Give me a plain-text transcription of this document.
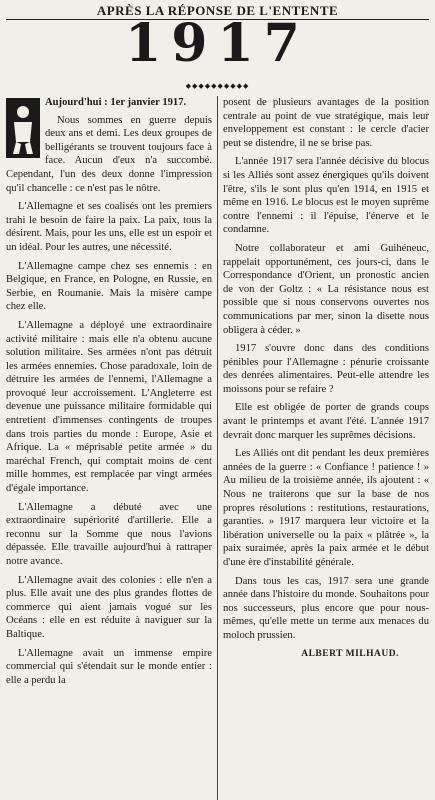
APRÈS LA RÉPONSE DE L'ENTENTE
1917
◆◆◆◆◆◆◆◆◆◆

Aujourd'hui : 1er janvier 1917.

Nous sommes en guerre depuis deux ans et demi. Les deux groupes de belligérants se trouvent toujours face à face. Aucun d'eux n'a succombé. Cependant, l'un des deux donne l'impression qu'il chancelle : ce n'est pas le nôtre.

L'Allemagne et ses coalisés ont les premiers trahi le besoin de faire la paix. La paix, tous la désirent. Mais, pour les uns, elle est un espoir et un idéal. Pour les autres, une nécessité.

L'Allemagne campe chez ses ennemis : en Belgique, en France, en Pologne, en Russie, en Serbie, en Roumanie. Mais la misère campe chez elle.

L'Allemagne a déployé une extraordinaire activité militaire : mais elle n'a obtenu aucune solution militaire. Ses armées n'ont pas détruit les armées ennemies. Chose paradoxale, loin de détruire les armées de l'ennemi, l'Allemagne a provoqué leur accroissement. L'Angleterre est devenue une puissance militaire formidable qui entretient d'immenses contingents de troupes dans trois parties du monde : Europe, Asie et Afrique. La « méprisable petite armée » du maréchal French, qui comptait moins de cent mille hommes, est remplacée par vingt armées d'égale importance.

L'Allemagne a débuté avec une extraordinaire supériorité d'artillerie. Elle a reconnu sur la Somme que nous l'avions dépassée. Elle travaille aujourd'hui à rattraper notre avance.

L'Allemagne avait des colonies : elle n'en a plus. Elle avait une des plus grandes flottes de commerce qui aient jamais vogué sur les Océans : elle en est réduite à naviguer sur la Baltique.

L'Allemagne avait un immense empire commercial qui s'étendait sur le monde entier : elle a perdu la

posent de plusieurs avantages de la position centrale au point de vue stratégique, mais leur enveloppement est constant : le cercle d'acier peut se distendre, il ne se brise pas.

L'année 1917 sera l'année décisive du blocus si les Alliés sont assez énergiques qu'ils doivent l'être, s'ils le sont plus qu'en 1914, en 1915 et même en 1916. Le blocus est le moyen suprême contre l'ennemi : il l'épuise, l'énerve et le condamne.

Notre collaborateur et ami Guihéneuc, rappelait opportunément, ces jours-ci, dans le Correspondance d'Orient, un pronostic ancien de von der Goltz : « La résistance nous est possible que si nous conservons ouvertes nos communications par mer, sinon la disette nous obligera à céder. »

1917 s'ouvre donc dans des conditions pénibles pour l'Allemagne : pénurie croissante des denrées alimentaires. Peut-elle attendre les moissons pour se refaire ?

Elle est obligée de porter de grands coups avant le printemps et avant l'été. L'année 1917 devrait donc marquer les suprêmes décisions.

Les Alliés ont dit pendant les deux premières années de la guerre : « Confiance ! patience ! » Au milieu de la troisième année, ils ajoutent : « Nous ne traiterons que sur la base de nos propres résolutions : restitutions, restaurations, garanties. » 1917 marquera leur victoire et la libération universelle ou la paix « plâtrée », la paix suraimée, après la paix armée et le début d'une ère d'instabilité générale.

Dans tous les cas, 1917 sera une grande année dans l'histoire du monde. Souhaitons pour nos successeurs, plus encore que pour nous-mêmes, qu'elle mette un terme aux menaces du moloch prussien.

ALBERT MILHAUD.
